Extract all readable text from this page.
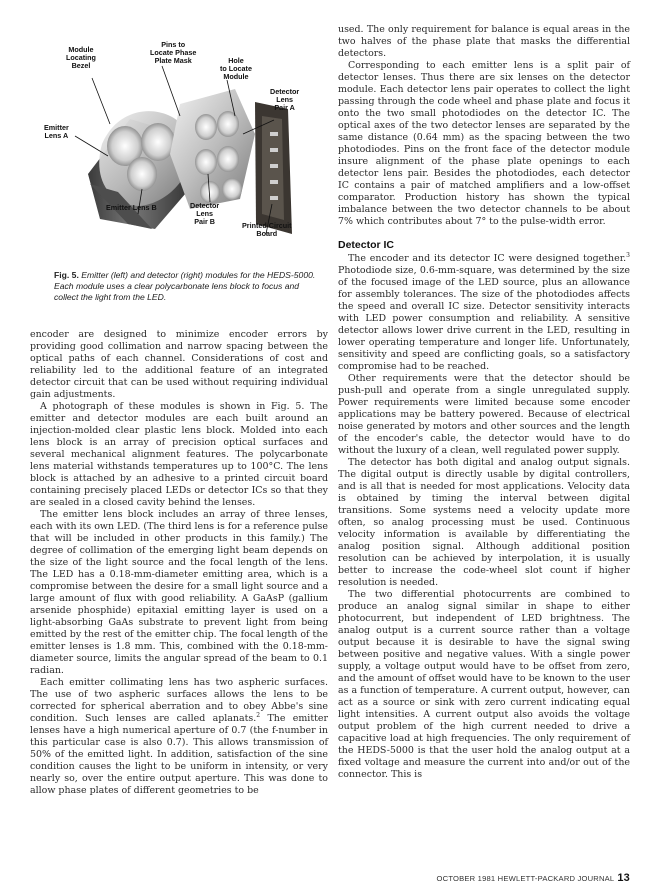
Module
Locating
Bezel
Pins to
Locate Phase
Plate Mask	Hole
to Locate
Module
Detector
Lens
Pair A
Emitter
Lens A
Emitter Lens B	Detector
Lens
Pair B	Printed Circuit
Board
Fig. 5. Emitter (left) and detector (right) modules for the HEDS-5000. Each module uses a clear polycarbonate lens block to focus and collect the light from the LED.

encoder are designed to minimize encoder errors by providing good collimation and narrow spacing between the optical paths of each channel. Considerations of cost and reliability led to the additional feature of an integrated detector circuit that can be used without requiring individual gain adjustments.

A photograph of these modules is shown in Fig. 5. The emitter and detector modules are each built around an injection-molded clear plastic lens block. Molded into each lens block is an array of precision optical surfaces and several mechanical alignment features. The polycarbonate lens material withstands temperatures up to 100°C. The lens block is attached by an adhesive to a printed circuit board containing precisely placed LEDs or detector ICs so that they are sealed in a closed cavity behind the lenses.

The emitter lens block includes an array of three lenses, each with its own LED. (The third lens is for a reference pulse that will be included in other products in this family.) The degree of collimation of the emerging light beam depends on the size of the light source and the focal length of the lens. The LED has a 0.18-mm-diameter emitting area, which is a compromise between the desire for a small light source and a large amount of flux with good reliability. A GaAsP (gallium arsenide phosphide) epitaxial emitting layer is used on a light-absorbing GaAs substrate to prevent light from being emitted by the rest of the emitter chip. The focal length of the emitter lenses is 1.8 mm. This, combined with the 0.18-mm-diameter source, limits the angular spread of the beam to 0.1 radian.

Each emitter collimating lens has two aspheric surfaces. The use of two aspheric surfaces allows the lens to be corrected for spherical aberration and to obey Abbe's sine condition. Such lenses are called aplanats.$^2$ The emitter lenses have a high numerical aperture of 0.7 (the f-number in this particular case is also 0.7). This allows transmission of 50% of the emitted light. In addition, satisfaction of the sine condition causes the light to be uniform in intensity, or very nearly so, over the entire output aperture. This was done to allow phase plates of different geometries to be

used. The only requirement for balance is equal areas in the two halves of the phase plate that masks the differential detectors.

Corresponding to each emitter lens is a split pair of detector lenses. Thus there are six lenses on the detector module. Each detector lens pair operates to collect the light passing through the code wheel and phase plate and focus it onto the two small photodiodes on the detector IC. The optical axes of the two detector lenses are separated by the same distance (0.64 mm) as the spacing between the two photodiodes. Pins on the front face of the detector module insure alignment of the phase plate openings to each detector lens pair. Besides the photodiodes, each detector IC contains a pair of matched amplifiers and a low-offset comparator. Production history has shown the typical imbalance between the two detector channels to be about 7% which contributes about 7° to the pulse-width error.

Detector IC

The encoder and its detector IC were designed together.$^3$ Photodiode size, 0.6-mm-square, was determined by the size of the focused image of the LED source, plus an allowance for assembly tolerances. The size of the photodiodes affects the speed and overall IC size. Detector sensitivity interacts with LED power consumption and reliability. A sensitive detector allows lower drive current in the LED, resulting in lower operating temperature and longer life. Unfortunately, sensitivity and speed are conflicting goals, so a satisfactory compromise had to be reached.

Other requirements were that the detector should be push-pull and operate from a single unregulated supply. Power requirements were limited because some encoder applications may be battery powered. Because of electrical noise generated by motors and other sources and the length of the encoder's cable, the detector would have to do without the luxury of a clean, well regulated power supply.

The detector has both digital and analog output signals. The digital output is directly usable by digital controllers, and is all that is needed for most applications. Velocity data is obtained by timing the interval between digital transitions. Some systems need a velocity update more often, so analog processing must be used. Continuous velocity information is available by differentiating the analog position signal. Although additional position resolution can be achieved by interpolation, it is usually better to increase the code-wheel slot count if higher resolution is needed.

The two differential photocurrents are combined to produce an analog signal similar in shape to either photocurrent, but independent of LED brightness. The analog output is a current source rather than a voltage output because it is desirable to have the signal swing between positive and negative values. With a single power supply, a voltage output would have to be offset from zero, and the amount of offset would have to be known to the user as a function of temperature. A current output, however, can act as a source or sink with zero current indicating equal light intensities. A current output also avoids the voltage output problem of the high current needed to drive a capacitive load at high frequencies. The only requirement of the HEDS-5000 is that the user hold the analog output at a fixed voltage and measure the current into and/or out of the connector. This is

OCTOBER 1981 HEWLETT-PACKARD JOURNAL 13
